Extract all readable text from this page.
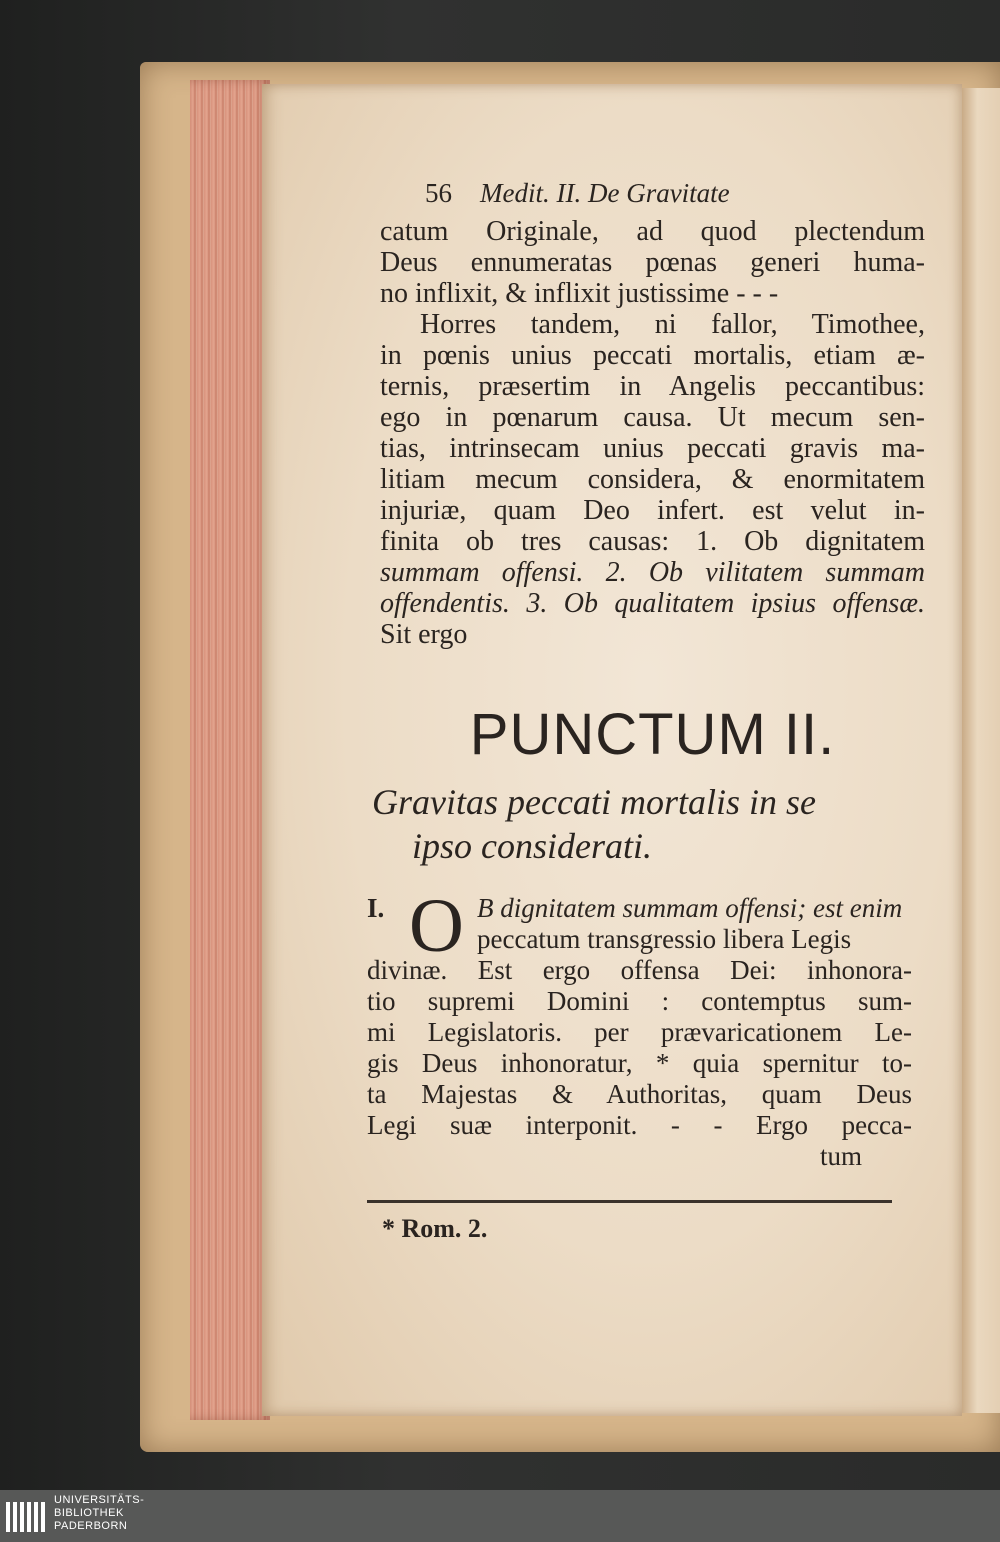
56 Medit. II. De Gravitate
catum Originale, ad quod plectendum
Deus ennumeratas pœnas generi huma-
no inflixit, & inflixit justissime - - -
Horres tandem, ni fallor, Timothee,
in pœnis unius peccati mortalis, etiam æ-
ternis, præsertim in Angelis peccantibus:
ego in pœnarum causa. Ut mecum sen-
tias, intrinsecam unius peccati gravis ma-
litiam mecum considera, & enormitatem
injuriæ, quam Deo infert. est velut in-
finita ob tres causas: 1. Ob dignitatem
summam offensi. 2. Ob vilitatem summam
offendentis. 3. Ob qualitatem ipsius offensæ.
Sit ergo
PUNCTUM II.
Gravitas peccati mortalis in se
ipso considerati.
I. O B dignitatem summam offensi; est enim
peccatum transgressio libera Legis
divinæ. Est ergo offensa Dei: inhonora-
tio supremi Domini : contemptus sum-
mi Legislatoris. per prævaricationem Le-
gis Deus inhonoratur, * quia spernitur to-
ta Majestas & Authoritas, quam Deus
Legi suæ interponit. - - Ergo pecca-
tum
* Rom. 2.
UNIVERSITÄTS-
BIBLIOTHEK
PADERBORN
